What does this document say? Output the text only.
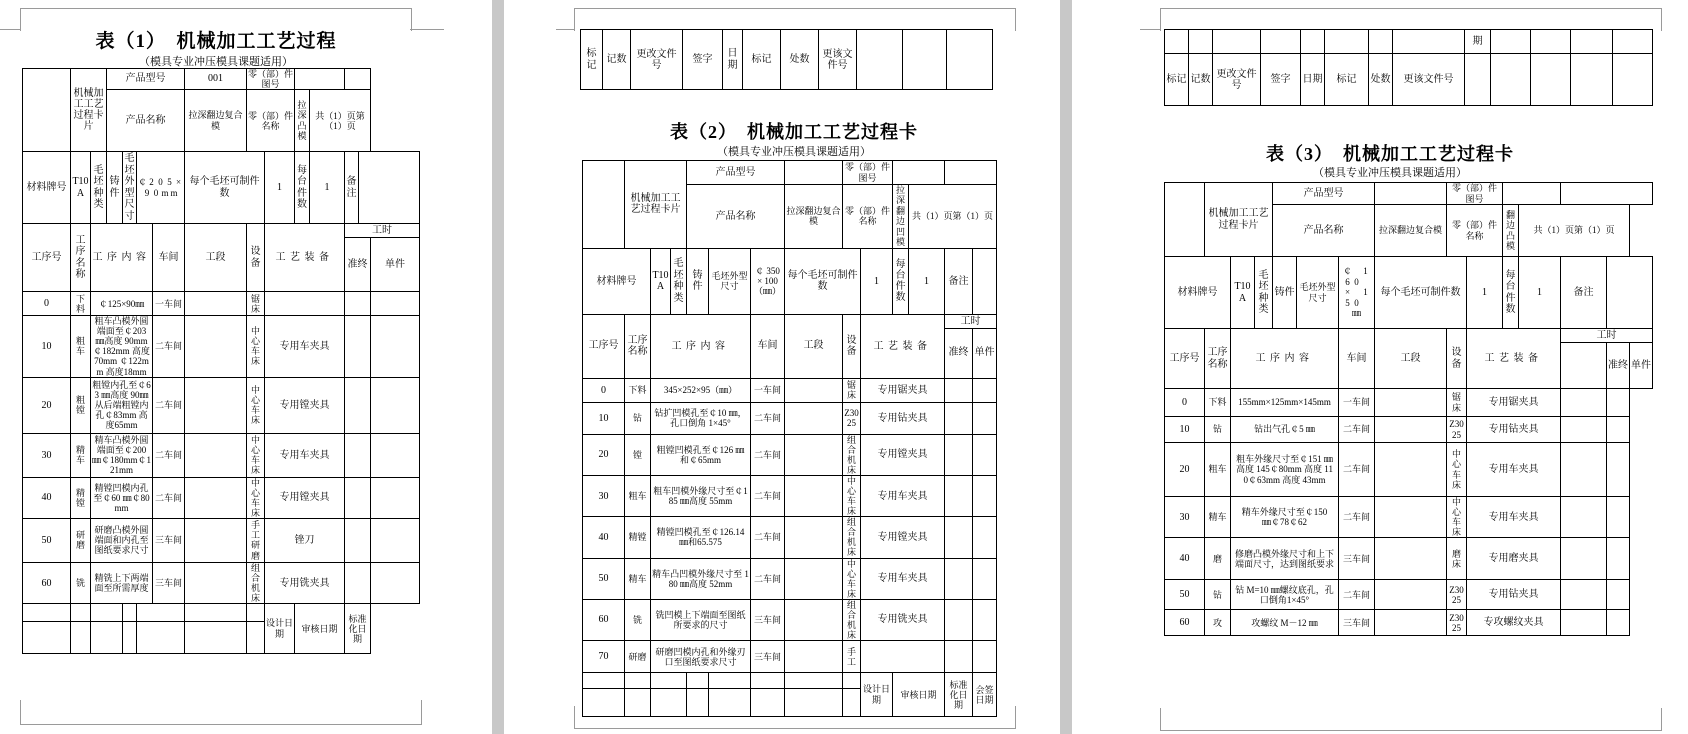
表（1）　机械加工工艺过程
（模具专业冲压模具课题适用）
	机械加工工艺过程卡片		产品型号				001	零（部）件图号						
			产品名称				拉深翻边复合模	零（部）件名称		拉深凸模	共（1）页第（1）页			
材料牌号	T10A	毛坯种类	铸件	毛坯外型尺寸	￠ 2 0 5 ×9 0 m m		每个毛坯可制件数		1	每台件数	1	备注		
工序号	工序名称	工序内容				车间	工段	设备	工艺装备			工时		
												准终		单件
0	下料	￠125×90㎜				一车间		锯床						
10	粗车	粗车凸模外圆端面至￠203 ㎜高度 90mm ￠182mm 高度70mm ￠122mm 高度18mm				二车间		中心车床	专用车夹具					
20	粗镗	粗镗内孔至￠63 ㎜高度 90㎜ 从后端粗镗内孔￠83mm 高度65mm				二车间		中心车床	专用镗夹具					
30	精车	精车凸模外圆端面至￠200 ㎜￠180mm￠121mm				二车间		中心车床	专用车夹具					
40	精镗	精镗凹模内孔至￠60 ㎜￠80mm				二车间		中心车床	专用镗夹具					
50	研磨	研磨凸模外圆端面和内孔至图纸要求尺寸				三车间		手工研磨	锉刀					
60	铣	精铣上下两端面至所需厚度				三车间		组合机床	专用铣夹具					
									设计日期	审核日期		标准化日期		

标记	记数	更改文件号	签字	日期	标记	处数	更该文件号			
表（2）　机械加工工艺过程卡
（模具专业冲压模具课题适用）
	机械加工工艺过程卡片			产品型号				零（部）件图号					
				产品名称			拉深翻边复合模	零（部）件名称		拉深翻边凹模	共（1）页第（1）页		
材料牌号		T10A	毛坯种类	铸件	毛坯外型尺寸	￠ 350 × 100（㎜）	每个毛坯可制件数		1	每台件数	1	备注	
工序号	工序名称	工序内容				车间	工段	设备	工艺装备			工时	
												准终	单件
0	下料	345×252×95（㎜）				一车间		锯床	专用锯夹具				
10	钻	钻扩凹模孔至￠10 ㎜，孔口倒角 1×45°				二车间		Z3025	专用钻夹具				
20	镗	粗镗凹模孔至￠126 ㎜和￠65mm				二车间		组合机床	专用镗夹具				
30	粗车	粗车凹模外缘尺寸至￠185 ㎜高度 55mm				二车间		中心车床	专用车夹具				
40	精镗	精镗凹模孔至￠126.14 ㎜和65.575				二车间		组合机床	专用镗夹具				
50	精车	精车凸凹模外缘尺寸至 180 ㎜高度 52mm				二车间		中心车床	专用车夹具				
60	铣	铣凹模上下端面至图纸所要求的尺寸				三车间		组合机床	专用铣夹具				
70	研磨	研磨凹模内孔和外缘刃口至图纸要求尺寸				三车间		手工					
									设计日期	审核日期		标准化日期	会签日期

								期				
标记	记数	更改文件号	签字	日期	标记	处数	更该文件号					
表（3）　机械加工工艺过程卡
（模具专业冲压模具课题适用）
	机械加工工艺过程卡片			产品型号				零（部）件图号						
				产品名称			拉深翻边复合模	零（部）件名称		翻边凸模	共（1）页第（1）页			
材料牌号		T10A	毛坯种类	铸件	毛坯外型尺寸	￠ 16 0× 15 0㎜	每个毛坯可制件数		1	每台件数	1	备注		
工序号	工序名称	工序内容				车间	工段	设备	工艺装备			工时		
													准终	单件
0	下料	155mm×125mm×145mm				一车间		锯床	专用锯夹具					
10	钻	钻出气孔￠5 ㎜				二车间		Z3025	专用钻夹具					
20	粗车	粗车外缘尺寸至￠151 ㎜高度 145￠80mm 高度 110￠63mm 高度 43mm				二车间		中心车床	专用车夹具					
30	精车	精车外缘尺寸至￠150 ㎜￠78￠62				二车间		中心车床	专用车夹具					
40	磨	修磨凸模外缘尺寸和上下端面尺寸，达到图纸要求				三车间		磨床	专用磨夹具					
50	钻	钻 M=10 ㎜螺纹底孔，孔口倒角1×45°				二车间		Z3025	专用钻夹具					
60	攻	攻螺纹 M－12 ㎜				三车间		Z3025	专攻螺纹夹具					
